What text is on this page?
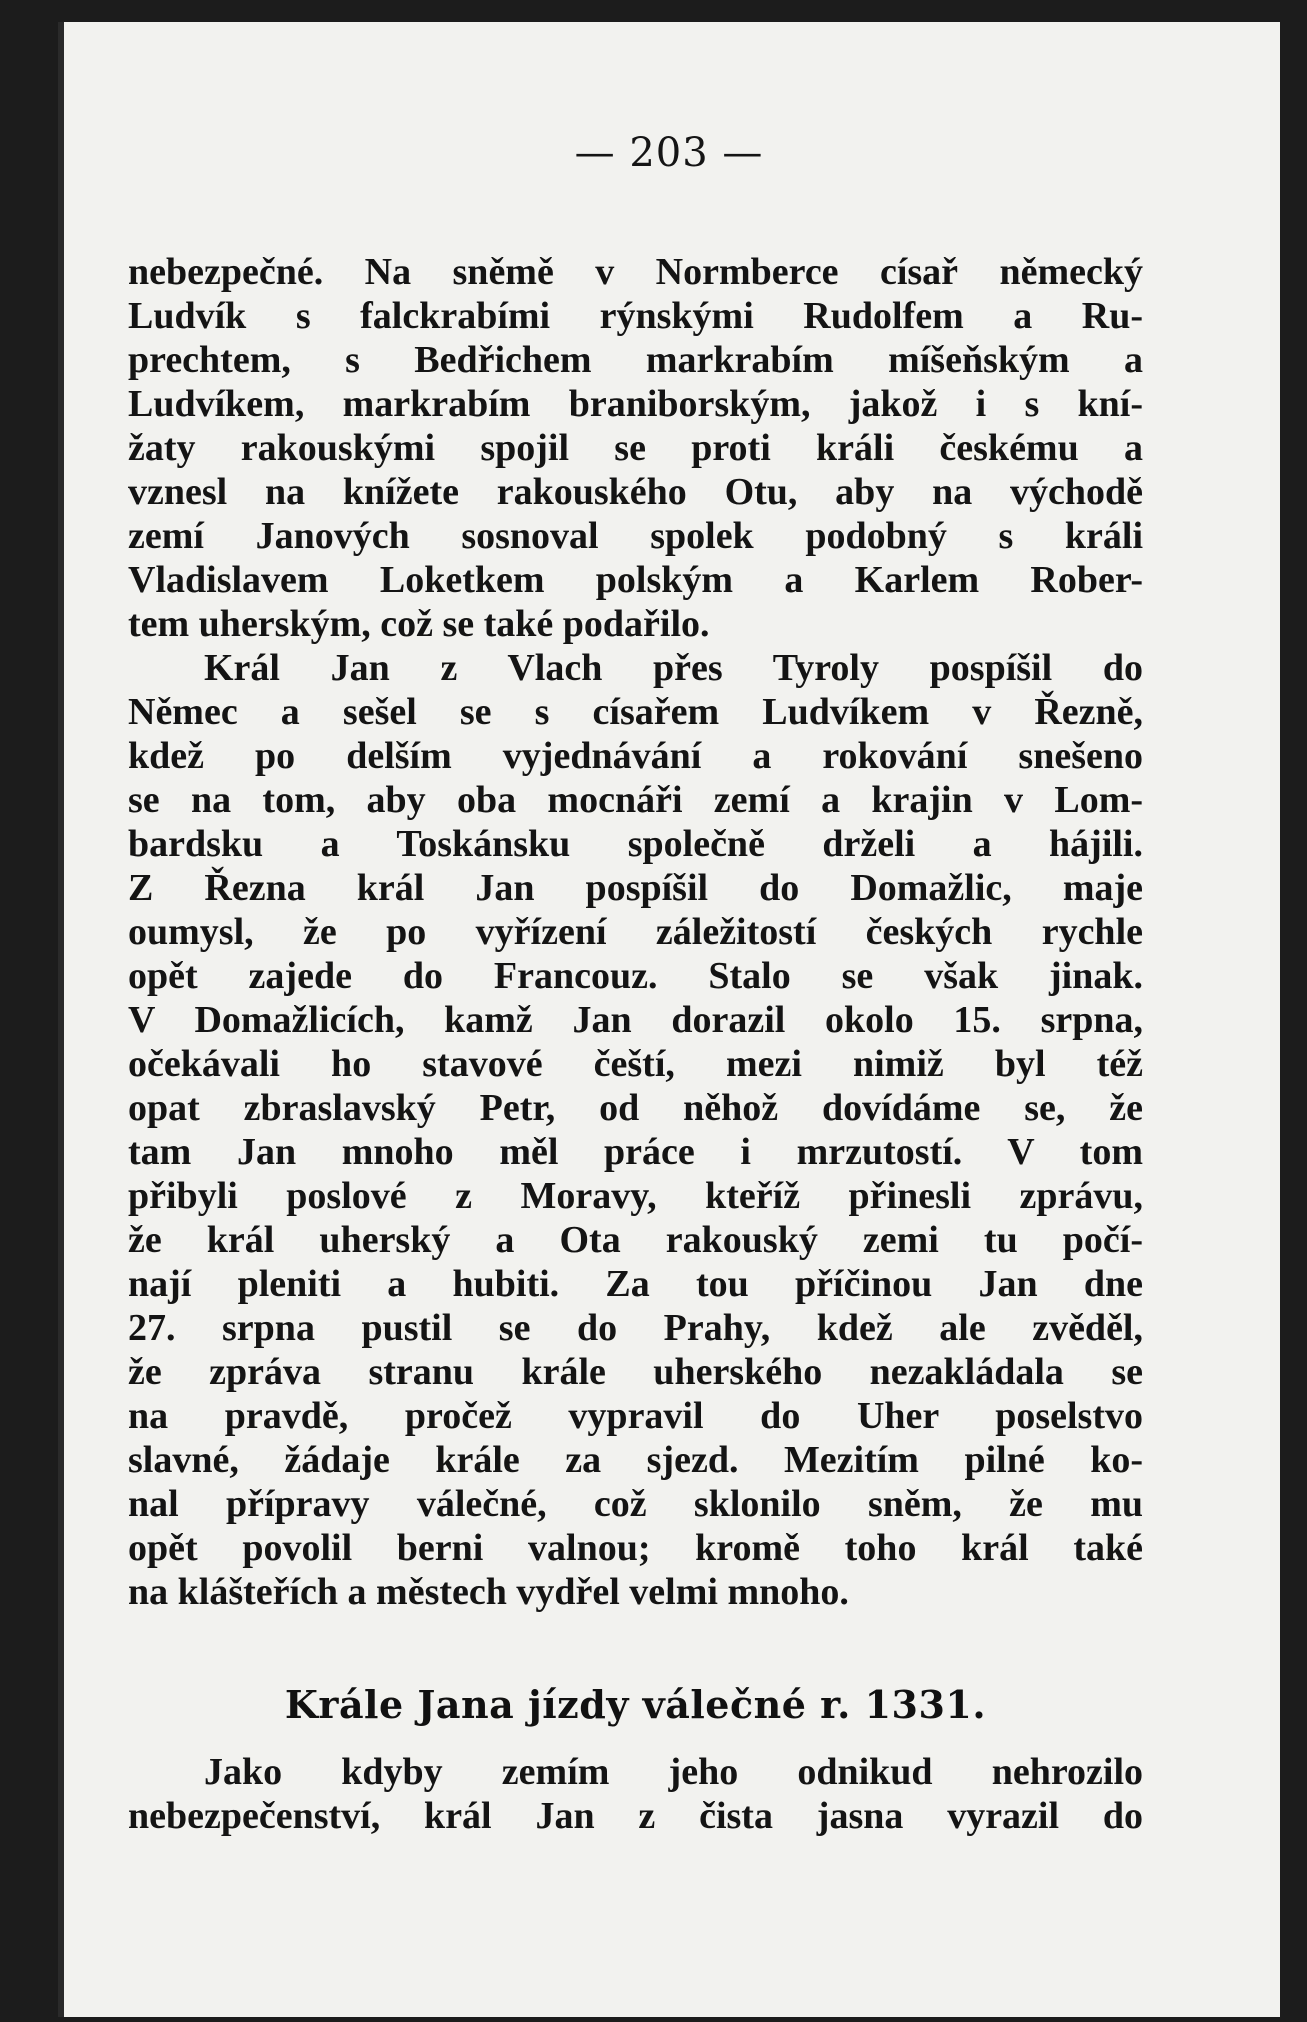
— 203 —
nebezpečné. Na sněmě v Normberce císař německý
Ludvík s falckrabími rýnskými Rudolfem a Ru-
prechtem, s Bedřichem markrabím míšeňským a
Ludvíkem, markrabím braniborským, jakož i s kní-
žaty rakouskými spojil se proti králi českému a
vznesl na knížete rakouského Otu, aby na východě
zemí Janových sosnoval spolek podobný s králi
Vladislavem Loketkem polským a Karlem Rober-
tem uherským, což se také podařilo.
Král Jan z Vlach přes Tyroly pospíšil do
Němec a sešel se s císařem Ludvíkem v Řezně,
kdež po delším vyjednávání a rokování snešeno
se na tom, aby oba mocnáři zemí a krajin v Lom-
bardsku a Toskánsku společně drželi a hájili.
Z Řezna král Jan pospíšil do Domažlic, maje
oumysl, že po vyřízení záležitostí českých rychle
opět zajede do Francouz. Stalo se však jinak.
V Domažlicích, kamž Jan dorazil okolo 15. srpna,
očekávali ho stavové čeští, mezi nimiž byl též
opat zbraslavský Petr, od něhož dovídáme se, že
tam Jan mnoho měl práce i mrzutostí. V tom
přibyli poslové z Moravy, kteříž přinesli zprávu,
že král uherský a Ota rakouský zemi tu počí-
nají pleniti a hubiti. Za tou příčinou Jan dne
27. srpna pustil se do Prahy, kdež ale zvěděl,
že zpráva stranu krále uherského nezakládala se
na pravdě, pročež vypravil do Uher poselstvo
slavné, žádaje krále za sjezd. Mezitím pilné ko-
nal přípravy válečné, což sklonilo sněm, že mu
opět povolil berni valnou; kromě toho král také
na klášteřích a městech vydřel velmi mnoho.
Krále Jana jízdy válečné r. 1331.
Jako kdyby zemím jeho odnikud nehrozilo
nebezpečenství, král Jan z čista jasna vyrazil do
